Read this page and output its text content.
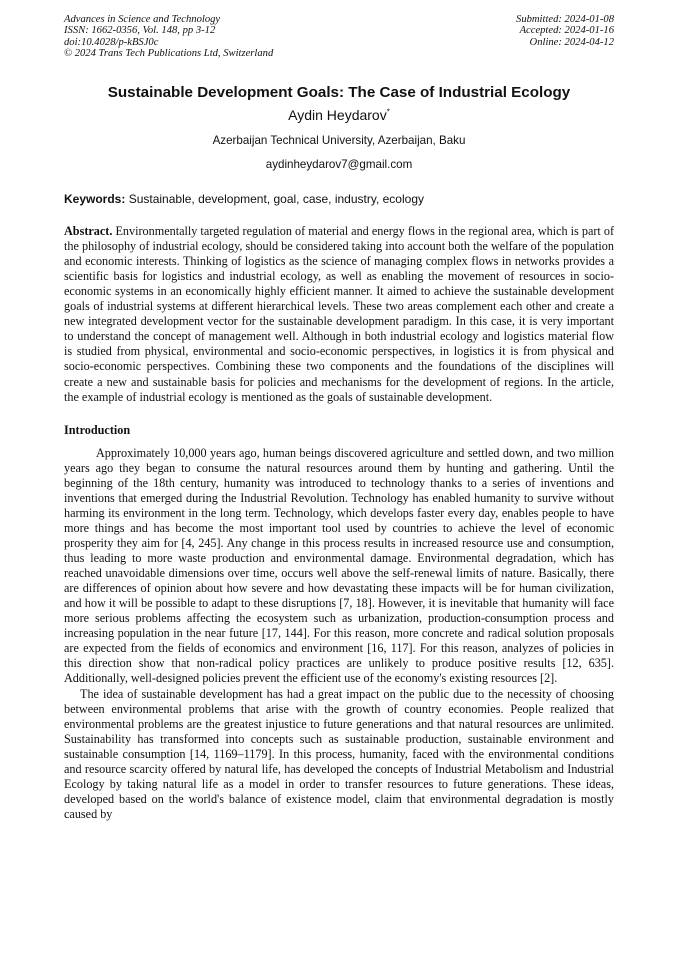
Advances in Science and Technology
ISSN: 1662-0356, Vol. 148, pp 3-12
doi:10.4028/p-kBSJ0c
© 2024 Trans Tech Publications Ltd, Switzerland
Submitted: 2024-01-08
Accepted: 2024-01-16
Online: 2024-04-12
Sustainable Development Goals: The Case of Industrial Ecology
Aydin Heydarov*
Azerbaijan Technical University, Azerbaijan, Baku
aydinheydarov7@gmail.com
Keywords: Sustainable, development, goal, case, industry, ecology
Abstract. Environmentally targeted regulation of material and energy flows in the regional area, which is part of the philosophy of industrial ecology, should be considered taking into account both the welfare of the population and economic interests. Thinking of logistics as the science of managing complex flows in networks provides a scientific basis for logistics and industrial ecology, as well as enabling the movement of resources in socio-economic systems in an economically highly efficient manner. It aimed to achieve the sustainable development goals of industrial systems at different hierarchical levels. These two areas complement each other and create a new integrated development vector for the sustainable development paradigm. In this case, it is very important to understand the concept of management well. Although in both industrial ecology and logistics material flow is studied from physical, environmental and socio-economic perspectives, in logistics it is from physical and socio-economic perspectives. Combining these two components and the foundations of the disciplines will create a new and sustainable basis for policies and mechanisms for the development of regions. In the article, the example of industrial ecology is mentioned as the goals of sustainable development.
Introduction

Approximately 10,000 years ago, human beings discovered agriculture and settled down, and two million years ago they began to consume the natural resources around them by hunting and gathering. Until the beginning of the 18th century, humanity was introduced to technology thanks to a series of inventions and inventions that emerged during the Industrial Revolution. Technology has enabled humanity to survive without harming its environment in the long term. Technology, which develops faster every day, enables people to have more things and has become the most important tool used by countries to achieve the level of economic prosperity they aim for [4, 245]. Any change in this process results in increased resource use and consumption, thus leading to more waste production and environmental damage. Environmental degradation, which has reached unavoidable dimensions over time, occurs well above the self-renewal limits of nature. Basically, there are differences of opinion about how severe and how devastating these impacts will be for human civilization, and how it will be possible to adapt to these disruptions [7, 18]. However, it is inevitable that humanity will face more serious problems affecting the ecosystem such as urbanization, production-consumption process and increasing population in the near future [17, 144]. For this reason, more concrete and radical solution proposals are expected from the fields of economics and environment [16, 117]. For this reason, analyzes of policies in this direction show that non-radical policy practices are unlikely to produce positive results [12, 635]. Additionally, well-designed policies prevent the efficient use of the economy's existing resources [2].

The idea of sustainable development has had a great impact on the public due to the necessity of choosing between environmental problems that arise with the growth of country economies. People realized that environmental problems are the greatest injustice to future generations and that natural resources are unlimited. Sustainability has transformed into concepts such as sustainable production, sustainable environment and sustainable consumption [14, 1169–1179]. In this process, humanity, faced with the environmental conditions and resource scarcity offered by natural life, has developed the concepts of Industrial Metabolism and Industrial Ecology by taking natural life as a model in order to transfer resources to future generations. These ideas, developed based on the world's balance of existence model, claim that environmental degradation is mostly caused by
